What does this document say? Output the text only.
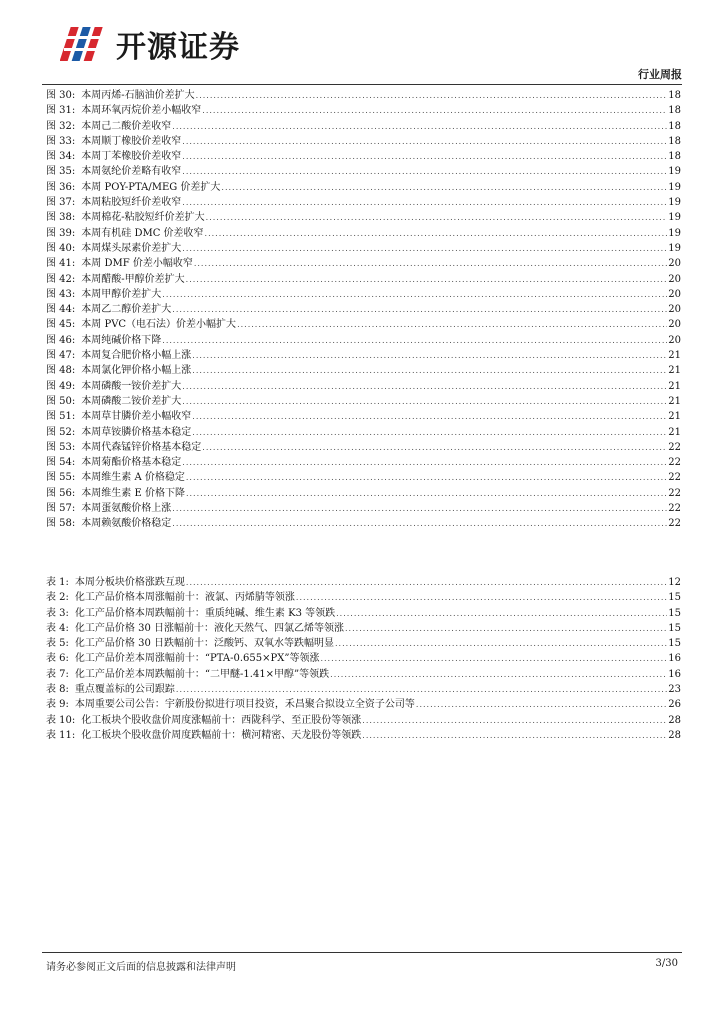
开源证券
行业周报
图 30: 本周丙烯-石脑油价差扩大 .....	18
图 31: 本周环氧丙烷价差小幅收窄 .....	18
图 32: 本周己二酸价差收窄 .....	18
图 33: 本周顺丁橡胶价差收窄 .....	18
图 34: 本周丁苯橡胶价差收窄 .....	18
图 35: 本周氨纶价差略有收窄 .....	19
图 36: 本周 POY-PTA/MEG 价差扩大 .....	19
图 37: 本周粘胶短纤价差收窄 .....	19
图 38: 本周棉花-粘胶短纤价差扩大 .....	19
图 39: 本周有机硅 DMC 价差收窄 .....	19
图 40: 本周煤头尿素价差扩大 .....	19
图 41: 本周 DMF 价差小幅收窄 .....	20
图 42: 本周醋酸-甲醇价差扩大 .....	20
图 43: 本周甲醇价差扩大 .....	20
图 44: 本周乙二醇价差扩大 .....	20
图 45: 本周 PVC（电石法）价差小幅扩大 .....	20
图 46: 本周纯碱价格下降 .....	20
图 47: 本周复合肥价格小幅上涨 .....	21
图 48: 本周氯化钾价格小幅上涨 .....	21
图 49: 本周磷酸一铵价差扩大 .....	21
图 50: 本周磷酸二铵价差扩大 .....	21
图 51: 本周草甘膦价差小幅收窄 .....	21
图 52: 本周草铵膦价格基本稳定 .....	21
图 53: 本周代森锰锌价格基本稳定 .....	22
图 54: 本周菊酯价格基本稳定 .....	22
图 55: 本周维生素 A 价格稳定 .....	22
图 56: 本周维生素 E 价格下降 .....	22
图 57: 本周蛋氨酸价格上涨 .....	22
图 58: 本周赖氨酸价格稳定 .....	22
表 1: 本周分板块价格涨跌互现 .....	12
表 2: 化工产品价格本周涨幅前十：液氯、丙烯腈等领涨 .....	15
表 3: 化工产品价格本周跌幅前十：重质纯碱、维生素 K3 等领跌 .....	15
表 4: 化工产品价格 30 日涨幅前十：液化天然气、四氯乙烯等领涨 .....	15
表 5: 化工产品价格 30 日跌幅前十：泛酸钙、双氧水等跌幅明显 .....	15
表 6: 化工产品价差本周涨幅前十：“PTA-0.655×PX”等领涨 .....	16
表 7: 化工产品价差本周跌幅前十：“二甲醚-1.41×甲醇”等领跌 .....	16
表 8: 重点覆盖标的公司跟踪 .....	23
表 9: 本周重要公司公告：宇新股份拟进行项目投资，禾昌聚合拟设立全资子公司等 .....	26
表 10: 化工板块个股收盘价周度涨幅前十：西陇科学、至正股份等领涨 .....	28
表 11: 化工板块个股收盘价周度跌幅前十：横河精密、天龙股份等领跌 .....	28
请务必参阅正文后面的信息披露和法律声明	3/30
